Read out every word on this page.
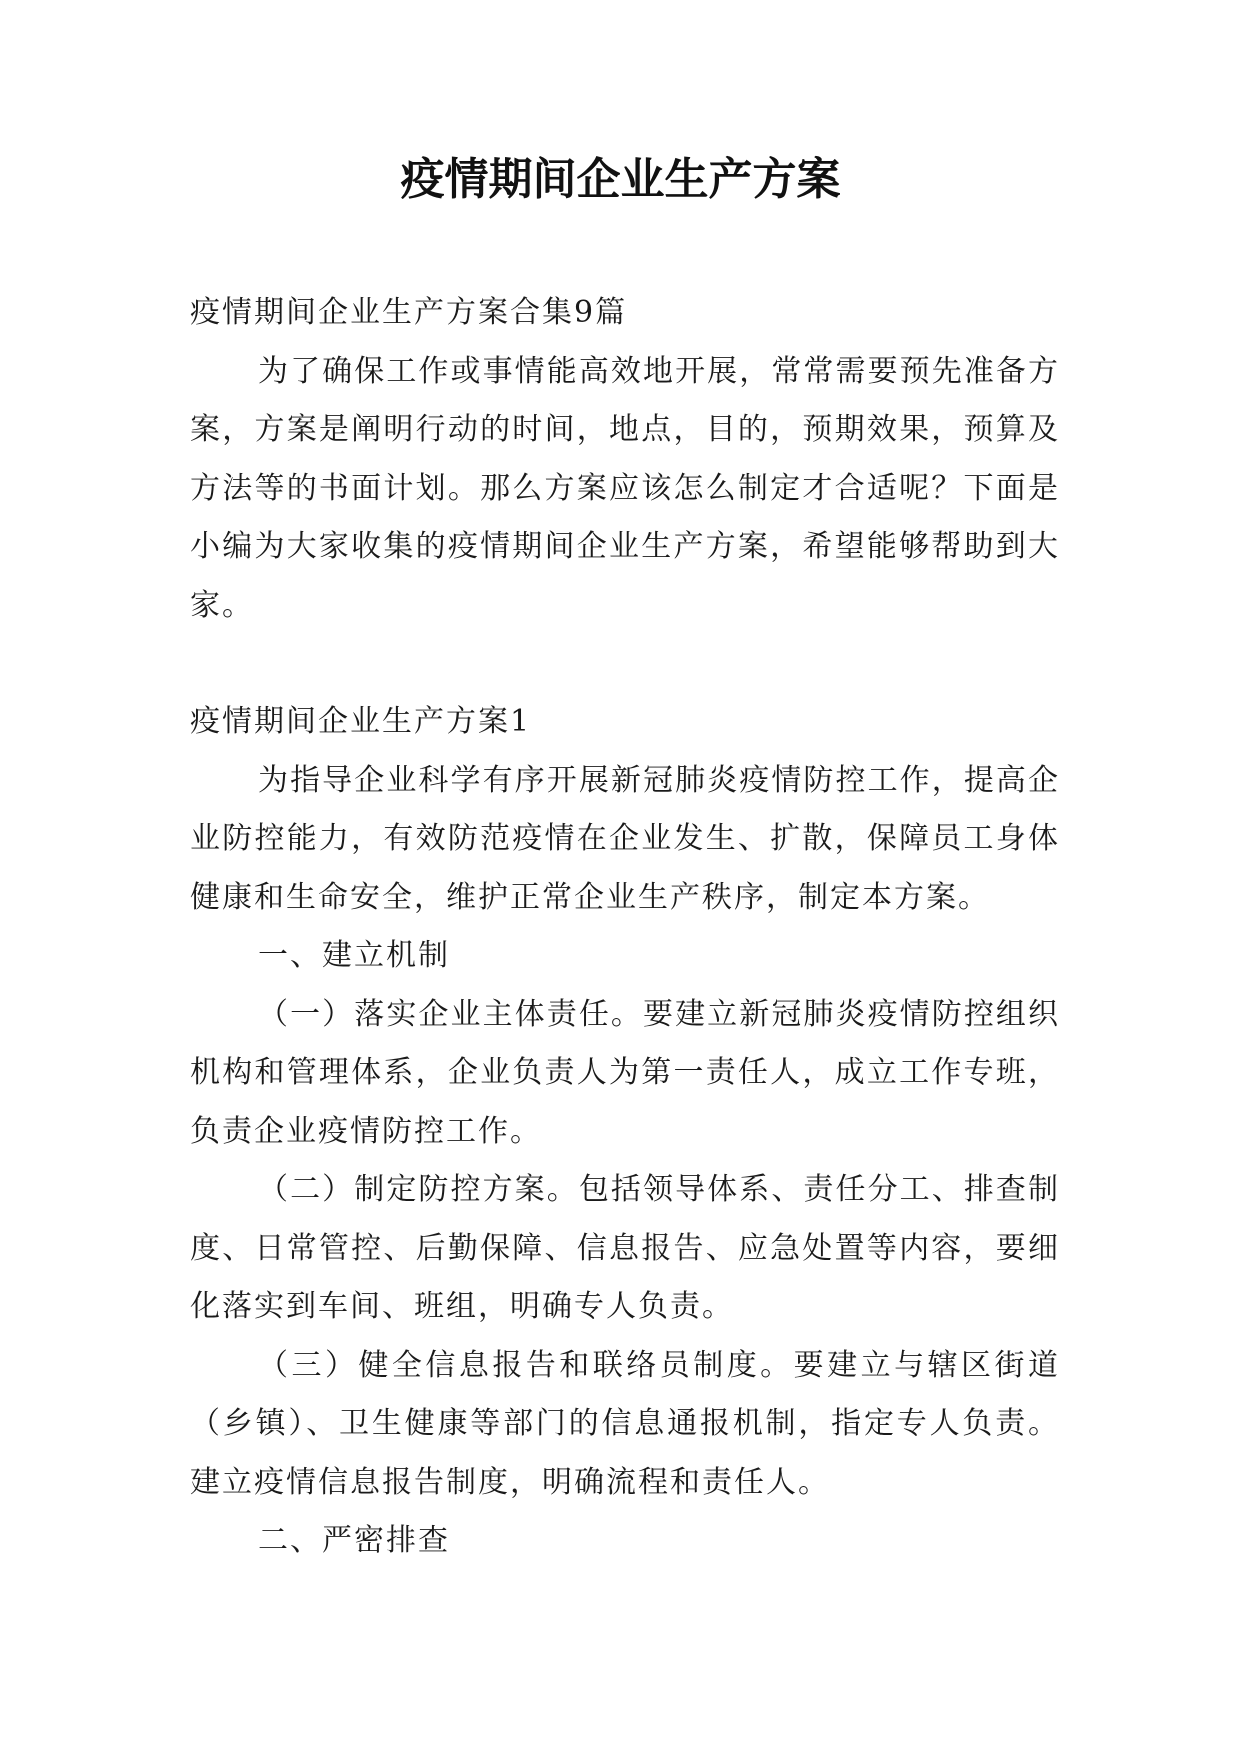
疫情期间企业生产方案

疫情期间企业生产方案合集9篇

为了确保工作或事情能高效地开展，常常需要预先准备方案，方案是阐明行动的时间，地点，目的，预期效果，预算及方法等的书面计划。那么方案应该怎么制定才合适呢？下面是小编为大家收集的疫情期间企业生产方案，希望能够帮助到大家。

疫情期间企业生产方案1

为指导企业科学有序开展新冠肺炎疫情防控工作，提高企业防控能力，有效防范疫情在企业发生、扩散，保障员工身体健康和生命安全，维护正常企业生产秩序，制定本方案。

一、建立机制

（一）落实企业主体责任。要建立新冠肺炎疫情防控组织机构和管理体系，企业负责人为第一责任人，成立工作专班，负责企业疫情防控工作。

（二）制定防控方案。包括领导体系、责任分工、排查制度、日常管控、后勤保障、信息报告、应急处置等内容，要细化落实到车间、班组，明确专人负责。

（三）健全信息报告和联络员制度。要建立与辖区街道（乡镇）、卫生健康等部门的信息通报机制，指定专人负责。建立疫情信息报告制度，明确流程和责任人。

二、严密排查
